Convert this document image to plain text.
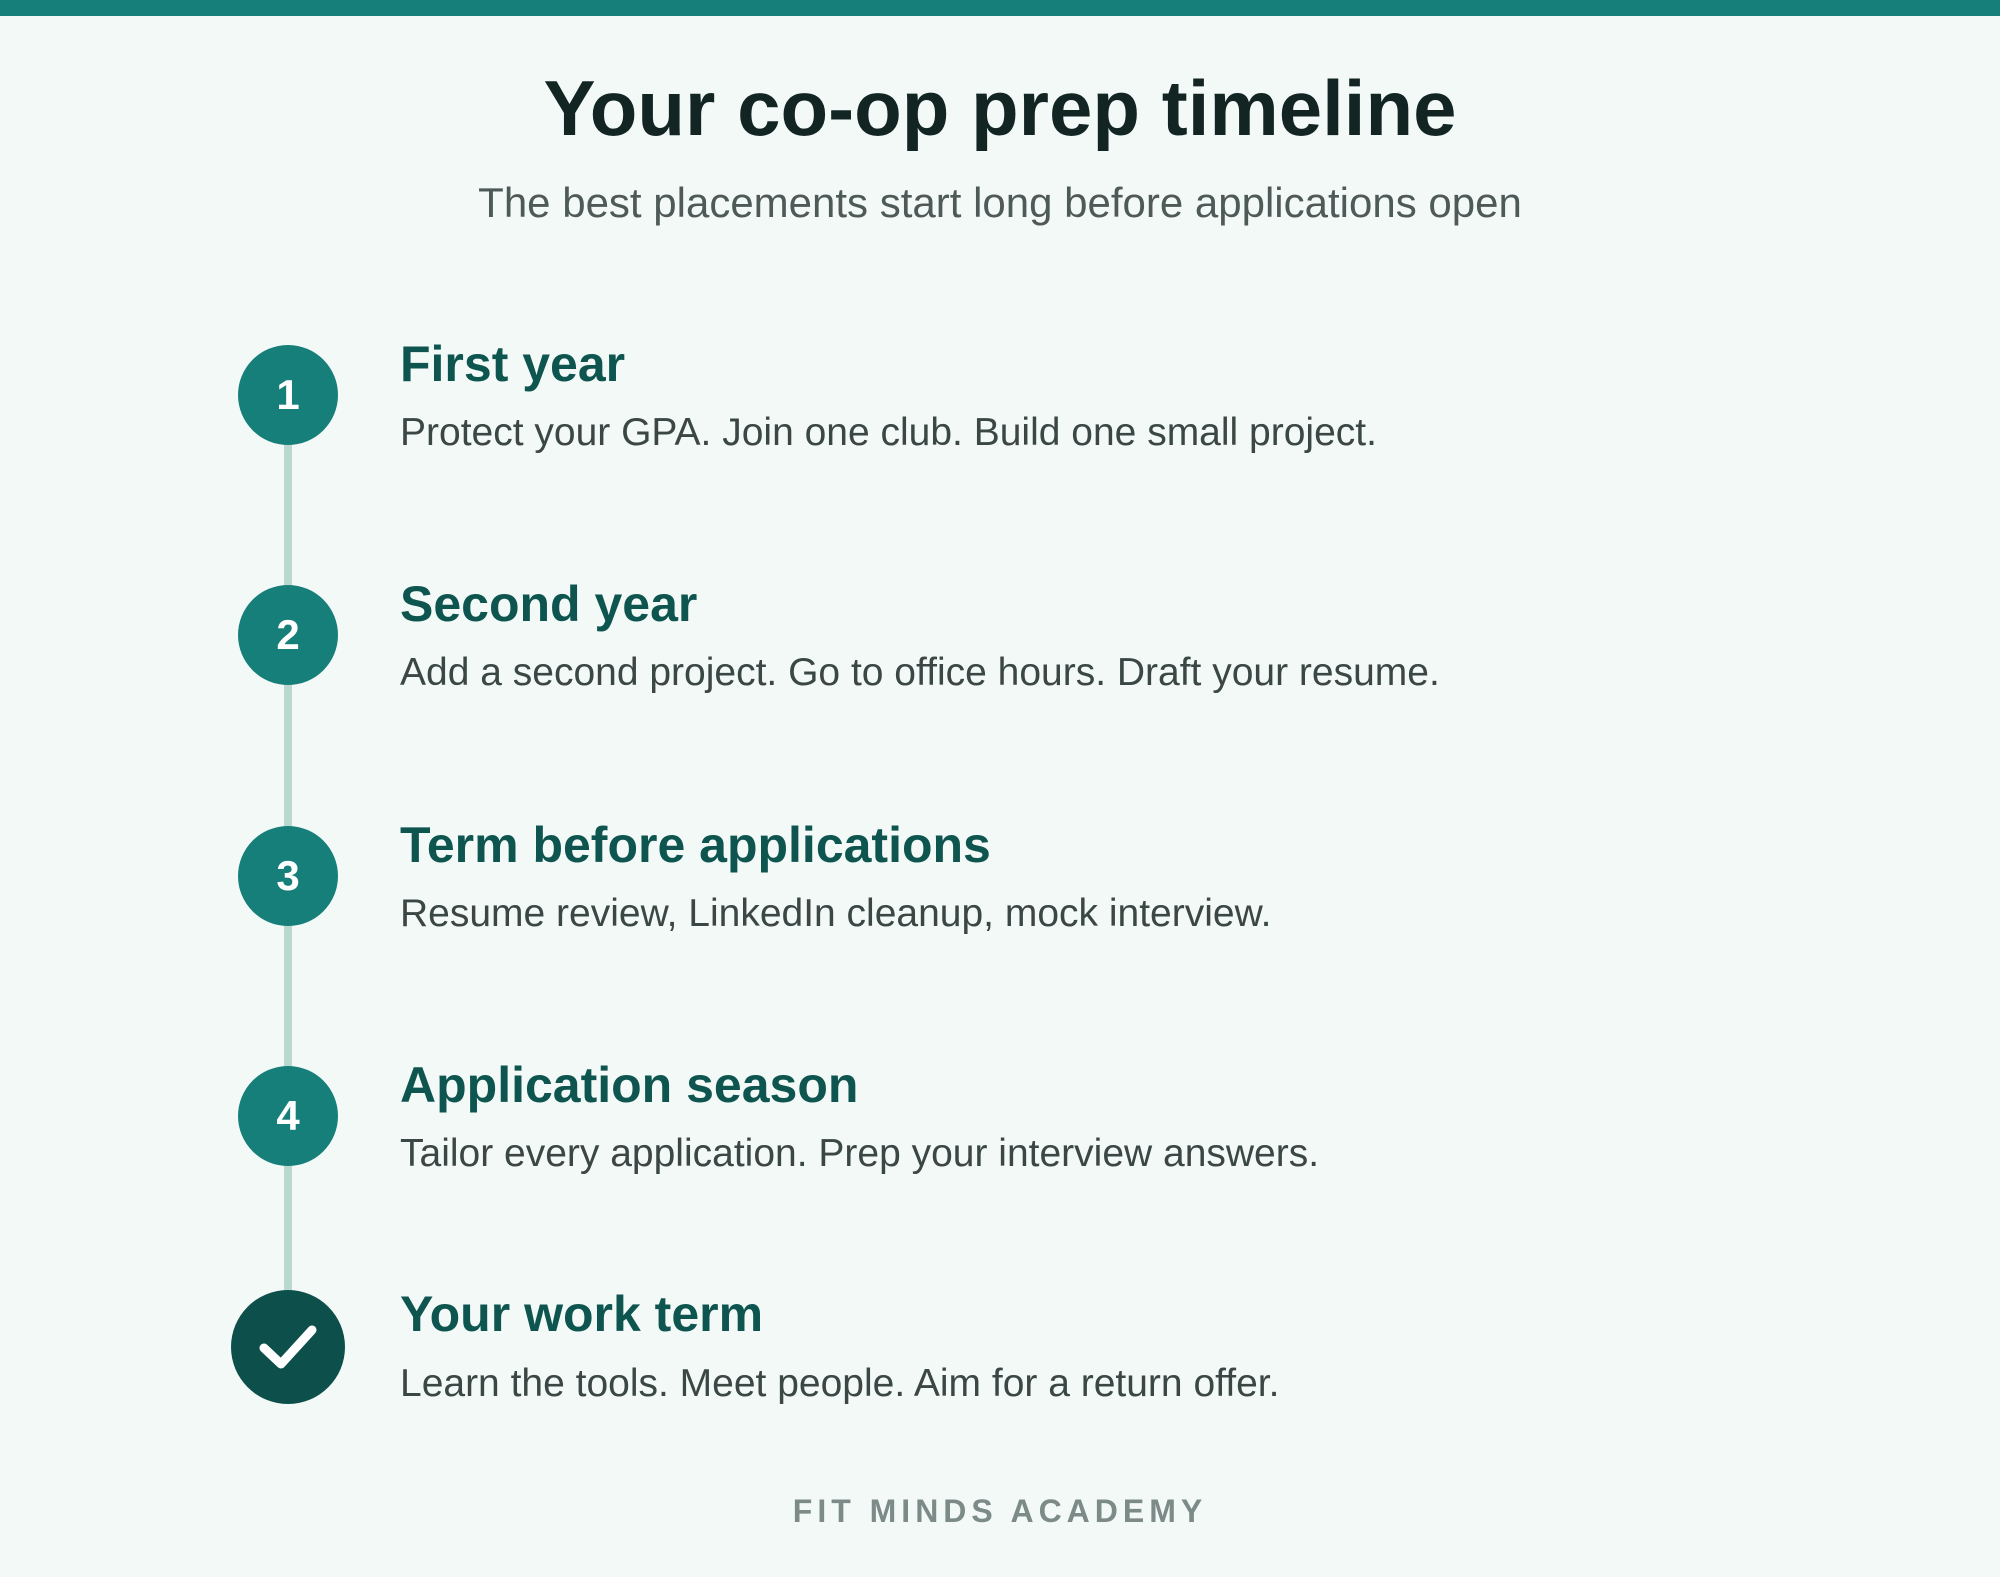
Your co-op prep timeline

The best placements start long before applications open

1
First year
Protect your GPA. Join one club. Build one small project.
2
Second year
Add a second project. Go to office hours. Draft your resume.
3
Term before applications
Resume review, LinkedIn cleanup, mock interview.
4
Application season
Tailor every application. Prep your interview answers.
Your work term
Learn the tools. Meet people. Aim for a return offer.
FIT MINDS ACADEMY
